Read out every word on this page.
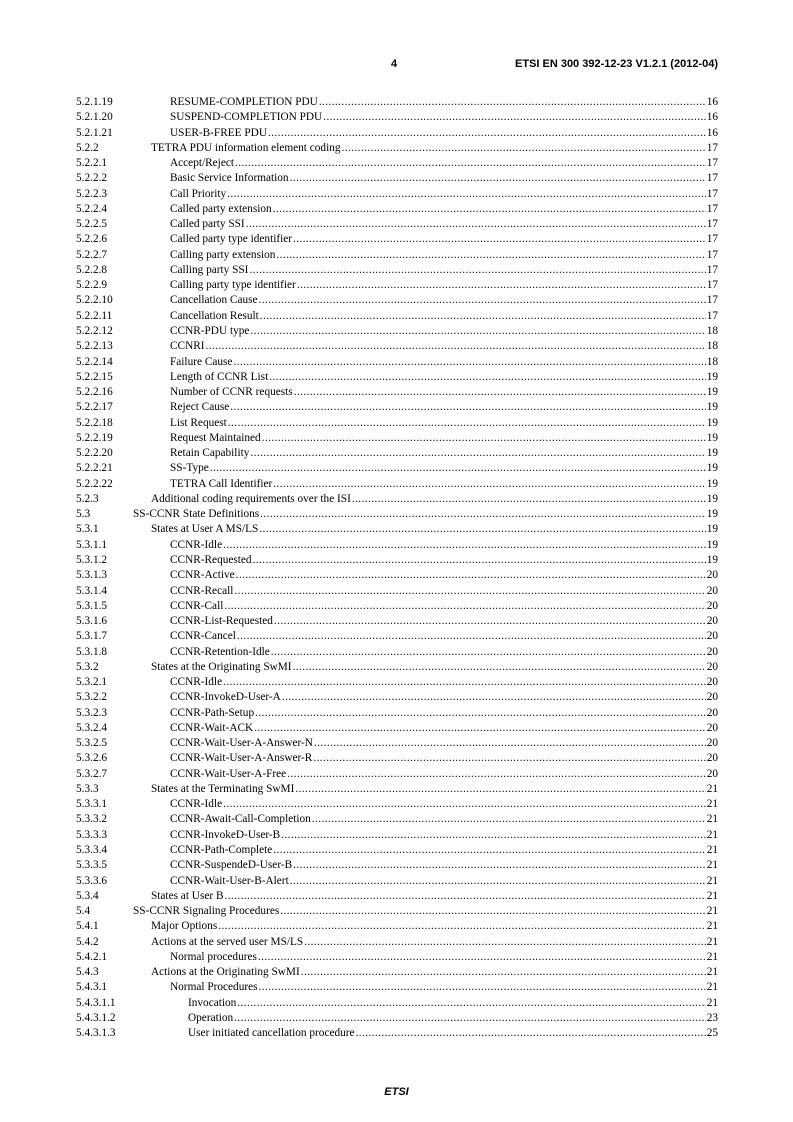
4	ETSI EN 300 392-12-23 V1.2.1 (2012-04)
5.2.1.19	RESUME-COMPLETION PDU .....	16
5.2.1.20	SUSPEND-COMPLETION PDU .....	16
5.2.1.21	USER-B-FREE PDU .....	16
5.2.2	TETRA PDU information element coding .....	17
5.2.2.1	Accept/Reject .....	17
5.2.2.2	Basic Service Information .....	17
5.2.2.3	Call Priority .....	17
5.2.2.4	Called party extension .....	17
5.2.2.5	Called party SSI .....	17
5.2.2.6	Called party type identifier .....	17
5.2.2.7	Calling party extension .....	17
5.2.2.8	Calling party SSI .....	17
5.2.2.9	Calling party type identifier .....	17
5.2.2.10	Cancellation Cause .....	17
5.2.2.11	Cancellation Result .....	17
5.2.2.12	CCNR-PDU type .....	18
5.2.2.13	CCNRI .....	18
5.2.2.14	Failure Cause .....	18
5.2.2.15	Length of CCNR List .....	19
5.2.2.16	Number of CCNR requests .....	19
5.2.2.17	Reject Cause .....	19
5.2.2.18	List Request .....	19
5.2.2.19	Request Maintained .....	19
5.2.2.20	Retain Capability .....	19
5.2.2.21	SS-Type .....	19
5.2.2.22	TETRA Call Identifier .....	19
5.2.3	Additional coding requirements over the ISI .....	19
5.3	SS-CCNR State Definitions .....	19
5.3.1	States at User A MS/LS .....	19
5.3.1.1	CCNR-Idle .....	19
5.3.1.2	CCNR-Requested .....	19
5.3.1.3	CCNR-Active .....	20
5.3.1.4	CCNR-Recall .....	20
5.3.1.5	CCNR-Call .....	20
5.3.1.6	CCNR-List-Requested .....	20
5.3.1.7	CCNR-Cancel .....	20
5.3.1.8	CCNR-Retention-Idle .....	20
5.3.2	States at the Originating SwMI .....	20
5.3.2.1	CCNR-Idle .....	20
5.3.2.2	CCNR-InvokeD-User-A .....	20
5.3.2.3	CCNR-Path-Setup .....	20
5.3.2.4	CCNR-Wait-ACK .....	20
5.3.2.5	CCNR-Wait-User-A-Answer-N .....	20
5.3.2.6	CCNR-Wait-User-A-Answer-R .....	20
5.3.2.7	CCNR-Wait-User-A-Free .....	20
5.3.3	States at the Terminating SwMI .....	21
5.3.3.1	CCNR-Idle .....	21
5.3.3.2	CCNR-Await-Call-Completion .....	21
5.3.3.3	CCNR-InvokeD-User-B .....	21
5.3.3.4	CCNR-Path-Complete .....	21
5.3.3.5	CCNR-SuspendeD-User-B .....	21
5.3.3.6	CCNR-Wait-User-B-Alert .....	21
5.3.4	States at User B .....	21
5.4	SS-CCNR Signaling Procedures .....	21
5.4.1	Major Options .....	21
5.4.2	Actions at the served user MS/LS .....	21
5.4.2.1	Normal procedures .....	21
5.4.3	Actions at the Originating SwMI .....	21
5.4.3.1	Normal Procedures .....	21
5.4.3.1.1	Invocation .....	21
5.4.3.1.2	Operation .....	23
5.4.3.1.3	User initiated cancellation procedure .....	25
ETSI
